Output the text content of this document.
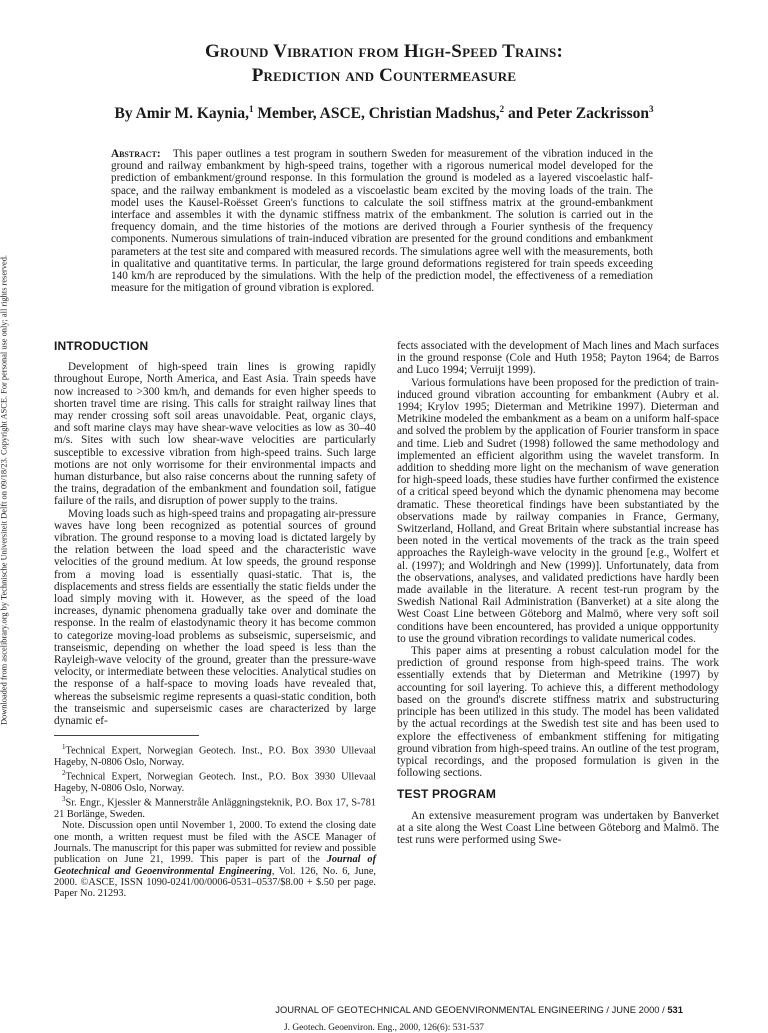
Ground Vibration from High-Speed Trains:
Prediction and Countermeasure
By Amir M. Kaynia,$^1$ Member, ASCE, Christian Madshus,$^2$ and Peter Zackrisson$^3$
Abstract: This paper outlines a test program in southern Sweden for measurement of the vibration induced in the ground and railway embankment by high-speed trains, together with a rigorous numerical model developed for the prediction of embankment/ground response. In this formulation the ground is modeled as a layered viscoelastic half-space, and the railway embankment is modeled as a viscoelastic beam excited by the moving loads of the train. The model uses the Kausel-Roësset Green's functions to calculate the soil stiffness matrix at the ground-embankment interface and assembles it with the dynamic stiffness matrix of the embankment. The solution is carried out in the frequency domain, and the time histories of the motions are derived through a Fourier synthesis of the frequency components. Numerous simulations of train-induced vibration are presented for the ground conditions and embankment parameters at the test site and compared with measured records. The simulations agree well with the measurements, both in qualitative and quantitative terms. In particular, the large ground deformations registered for train speeds exceeding 140 km/h are reproduced by the simulations. With the help of the prediction model, the effectiveness of a remediation measure for the mitigation of ground vibration is explored.
Downloaded from ascelibrary.org by Technische Universiteit Delft on 09/18/23. Copyright ASCE. For personal use only; all rights reserved.	INTRODUCTION

Development of high-speed train lines is growing rapidly throughout Europe, North America, and East Asia. Train speeds have now increased to >300 km/h, and demands for even higher speeds to shorten travel time are rising. This calls for straight railway lines that may render crossing soft soil areas unavoidable. Peat, organic clays, and soft marine clays may have shear-wave velocities as low as 30–40 m/s. Sites with such low shear-wave velocities are particularly susceptible to excessive vibration from high-speed trains. Such large motions are not only worrisome for their environmental impacts and human disturbance, but also raise concerns about the running safety of the trains, degradation of the embankment and foundation soil, fatigue failure of the rails, and disruption of power supply to the trains.

Moving loads such as high-speed trains and propagating air-pressure waves have long been recognized as potential sources of ground vibration. The ground response to a moving load is dictated largely by the relation between the load speed and the characteristic wave velocities of the ground medium. At low speeds, the ground response from a moving load is essentially quasi-static. That is, the displacements and stress fields are essentially the static fields under the load simply moving with it. However, as the speed of the load increases, dynamic phenomena gradually take over and dominate the response. In the realm of elastodynamic theory it has become common to categorize moving-load problems as subseismic, superseismic, and transeismic, depending on whether the load speed is less than the Rayleigh-wave velocity of the ground, greater than the pressure-wave velocity, or intermediate between these velocities. Analytical studies on the response of a half-space to moving loads have revealed that, whereas the subseismic regime represents a quasi-static condition, both the transeismic and superseismic cases are characterized by large dynamic ef-

$^1$Technical Expert, Norwegian Geotech. Inst., P.O. Box 3930 Ullevaal Hageby, N-0806 Oslo, Norway.

$^2$Technical Expert, Norwegian Geotech. Inst., P.O. Box 3930 Ullevaal Hageby, N-0806 Oslo, Norway.

$^3$Sr. Engr., Kjessler & Mannerstråle Anläggningsteknik, P.O. Box 17, S-781 21 Borlänge, Sweden.

Note. Discussion open until November 1, 2000. To extend the closing date one month, a written request must be filed with the ASCE Manager of Journals. The manuscript for this paper was submitted for review and possible publication on June 21, 1999. This paper is part of the Journal of Geotechnical and Geoenvironmental Engineering, Vol. 126, No. 6, June, 2000. ©ASCE, ISSN 1090-0241/00/0006-0531–0537/$8.00 + $.50 per page. Paper No. 21293.

fects associated with the development of Mach lines and Mach surfaces in the ground response (Cole and Huth 1958; Payton 1964; de Barros and Luco 1994; Verruijt 1999).

Various formulations have been proposed for the prediction of train-induced ground vibration accounting for embankment (Aubry et al. 1994; Krylov 1995; Dieterman and Metrikine 1997). Dieterman and Metrikine modeled the embankment as a beam on a uniform half-space and solved the problem by the application of Fourier transform in space and time. Lieb and Sudret (1998) followed the same methodology and implemented an efficient algorithm using the wavelet transform. In addition to shedding more light on the mechanism of wave generation for high-speed loads, these studies have further confirmed the existence of a critical speed beyond which the dynamic phenomena may become dramatic. These theoretical findings have been substantiated by the observations made by railway companies in France, Germany, Switzerland, Holland, and Great Britain where substantial increase has been noted in the vertical movements of the track as the train speed approaches the Rayleigh-wave velocity in the ground [e.g., Wolfert et al. (1997); and Woldringh and New (1999)]. Unfortunately, data from the observations, analyses, and validated predictions have hardly been made available in the literature. A recent test-run program by the Swedish National Rail Administration (Banverket) at a site along the West Coast Line between Göteborg and Malmö, where very soft soil conditions have been encountered, has provided a unique oppportunity to use the ground vibration recordings to validate numerical codes.

This paper aims at presenting a robust calculation model for the prediction of ground response from high-speed trains. The work essentially extends that by Dieterman and Metrikine (1997) by accounting for soil layering. To achieve this, a different methodology based on the ground's discrete stiffness matrix and substructuring principle has been utilized in this study. The model has been validated by the actual recordings at the Swedish test site and has been used to explore the effectiveness of embankment stiffening for mitigating ground vibration from high-speed trains. An outline of the test program, typical recordings, and the proposed formulation is given in the following sections.

TEST PROGRAM

An extensive measurement program was undertaken by Banverket at a site along the West Coast Line between Göteborg and Malmö. The test runs were performed using Swe-

JOURNAL OF GEOTECHNICAL AND GEOENVIRONMENTAL ENGINEERING / JUNE 2000 / 531
J. Geotech. Geoenviron. Eng., 2000, 126(6): 531-537
